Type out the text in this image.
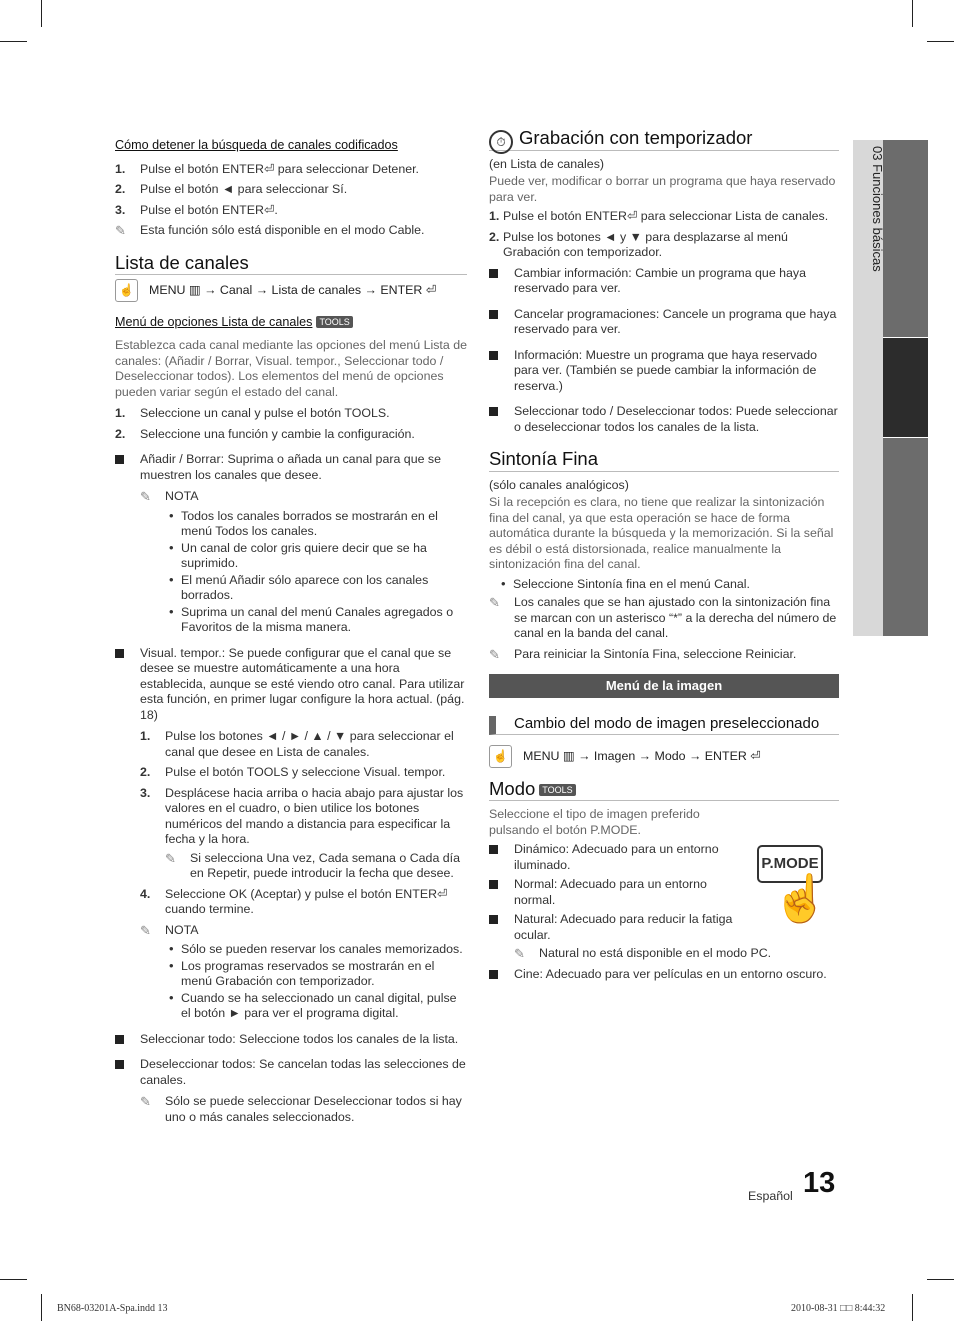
03 Funciones básicas
Cómo detener la búsqueda de canales codificados
1. Pulse el botón ENTER⏎ para seleccionar Detener.
2. Pulse el botón ◄ para seleccionar Sí.
3. Pulse el botón ENTER⏎.
✎	Esta función sólo está disponible en el modo Cable.
Lista de canales
☝	MENU ▥ → Canal → Lista de canales → ENTER ⏎
Menú de opciones Lista de canales TOOLS

Establezca cada canal mediante las opciones del menú Lista de canales: (Añadir / Borrar, Visual. tempor., Seleccionar todo / Deseleccionar todos). Los elementos del menú de opciones pueden variar según el estado del canal.

1. Seleccione un canal y pulse el botón TOOLS.
2. Seleccione una función y cambie la configuración.
Añadir / Borrar: Suprima o añada un canal para que se muestren los canales que desee.
✎	NOTA
• Todos los canales borrados se mostrarán en el menú Todos los canales.
• Un canal de color gris quiere decir que se ha suprimido.
• El menú Añadir sólo aparece con los canales borrados.
• Suprima un canal del menú Canales agregados o Favoritos de la misma manera.
Visual. tempor.: Se puede configurar que el canal que se desee se muestre automáticamente a una hora establecida, aunque se esté viendo otro canal. Para utilizar esta función, en primer lugar configure la hora actual. (pág. 18)
1. Pulse los botones ◄ / ► / ▲ / ▼ para seleccionar el canal que desee en Lista de canales.
2. Pulse el botón TOOLS y seleccione Visual. tempor.
3. Desplácese hacia arriba o hacia abajo para ajustar los valores en el cuadro, o bien utilice los botones numéricos del mando a distancia para especificar la fecha y la hora.
✎	Si selecciona Una vez, Cada semana o Cada día en Repetir, puede introducir la fecha que desee.
4. Seleccione OK (Aceptar) y pulse el botón ENTER⏎ cuando termine.
✎	NOTA
• Sólo se pueden reservar los canales memorizados.
• Los programas reservados se mostrarán en el menú Grabación con temporizador.
• Cuando se ha seleccionado un canal digital, pulse el botón ► para ver el programa digital.
Seleccionar todo: Seleccione todos los canales de la lista.
Deseleccionar todos: Se cancelan todas las selecciones de canales.
✎	Sólo se puede seleccionar Deseleccionar todos si hay uno o más canales seleccionados.
⏱ Grabación con temporizador
(en Lista de canales)

Puede ver, modificar o borrar un programa que haya reservado para ver.

1. Pulse el botón ENTER⏎ para seleccionar Lista de canales.
2. Pulse los botones ◄ y ▼ para desplazarse al menú Grabación con temporizador.
Cambiar información: Cambie un programa que haya reservado para ver.
Cancelar programaciones: Cancele un programa que haya reservado para ver.
Información: Muestre un programa que haya reservado para ver. (También se puede cambiar la información de reserva.)
Seleccionar todo / Deseleccionar todos: Puede seleccionar o deseleccionar todos los canales de la lista.
Sintonía Fina
(sólo canales analógicos)

Si la recepción es clara, no tiene que realizar la sintonización fina del canal, ya que esta operación se hace de forma automática durante la búsqueda y la memorización. Si la señal es débil o está distorsionada, realice manualmente la sintonización fina del canal.

• Seleccione Sintonía fina en el menú Canal.
✎	Los canales que se han ajustado con la sintonización fina se marcan con un asterisco “*” a la derecha del número de canal en la banda del canal.
✎	Para reiniciar la Sintonía Fina, seleccione Reiniciar.
Menú de la imagen
Cambio del modo de imagen preseleccionado
☝	MENU ▥ → Imagen → Modo → ENTER ⏎
Modo TOOLS

Seleccione el tipo de imagen preferido pulsando el botón P.MODE.

Dinámico: Adecuado para un entorno iluminado.
Normal: Adecuado para un entorno normal.
Natural: Adecuado para reducir la fatiga ocular.
✎	Natural no está disponible en el modo PC.
Cine: Adecuado para ver películas en un entorno oscuro.
P.MODE
☝
Español 13
BN68-03201A-Spa.indd 13	2010-08-31 □□ 8:44:32
